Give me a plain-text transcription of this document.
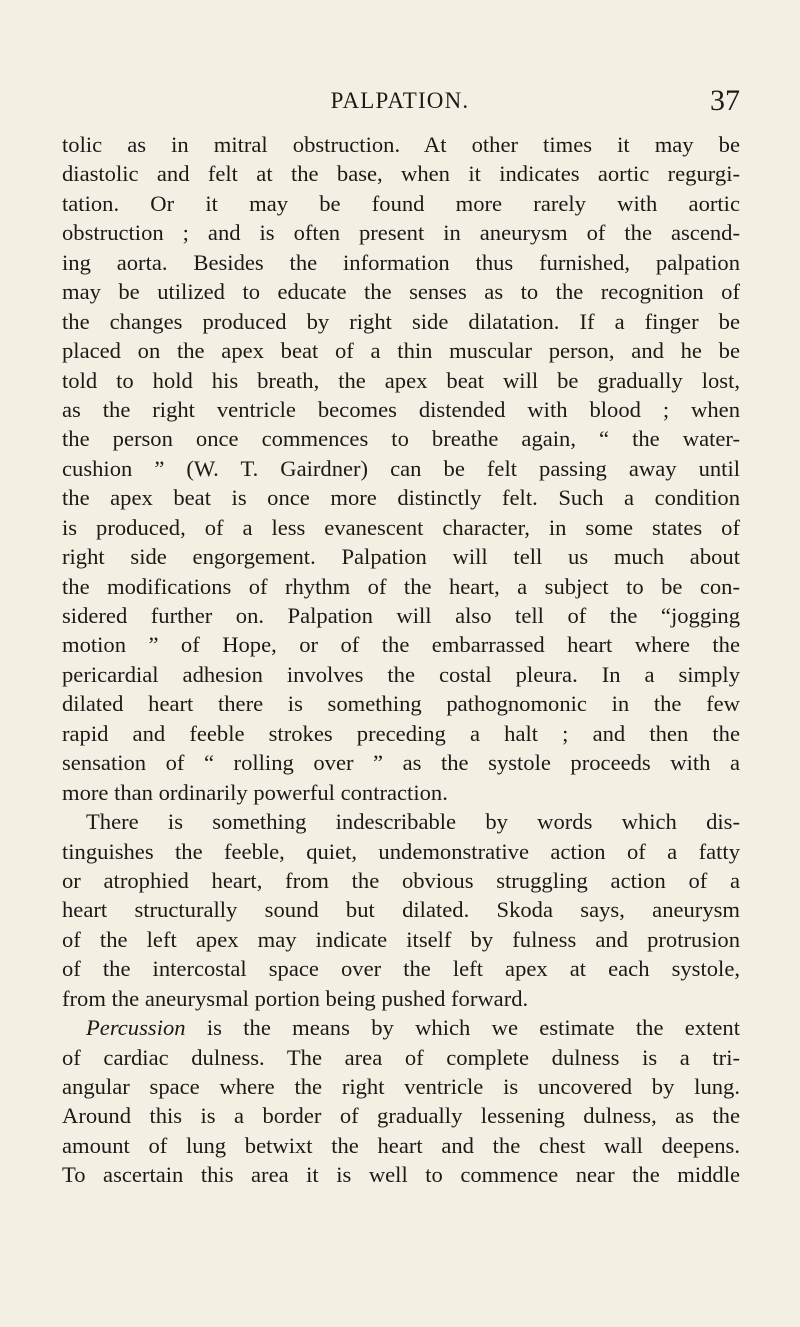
PALPATION.	37
tolic as in mitral obstruction. At other times it may be
diastolic and felt at the base, when it indicates aortic regurgi-
tation. Or it may be found more rarely with aortic
obstruction ; and is often present in aneurysm of the ascend-
ing aorta. Besides the information thus furnished, palpation
may be utilized to educate the senses as to the recognition of
the changes produced by right side dilatation. If a finger be
placed on the apex beat of a thin muscular person, and he be
told to hold his breath, the apex beat will be gradually lost,
as the right ventricle becomes distended with blood ; when
the person once commences to breathe again, “ the water-
cushion ” (W. T. Gairdner) can be felt passing away until
the apex beat is once more distinctly felt. Such a condition
is produced, of a less evanescent character, in some states of
right side engorgement. Palpation will tell us much about
the modifications of rhythm of the heart, a subject to be con-
sidered further on. Palpation will also tell of the “jogging
motion ” of Hope, or of the embarrassed heart where the
pericardial adhesion involves the costal pleura. In a simply
dilated heart there is something pathognomonic in the few
rapid and feeble strokes preceding a halt ; and then the
sensation of “ rolling over ” as the systole proceeds with a
more than ordinarily powerful contraction.
There is something indescribable by words which dis-
tinguishes the feeble, quiet, undemonstrative action of a fatty
or atrophied heart, from the obvious struggling action of a
heart structurally sound but dilated. Skoda says, aneurysm
of the left apex may indicate itself by fulness and protrusion
of the intercostal space over the left apex at each systole,
from the aneurysmal portion being pushed forward.
Percussion is the means by which we estimate the extent
of cardiac dulness. The area of complete dulness is a tri-
angular space where the right ventricle is uncovered by lung.
Around this is a border of gradually lessening dulness, as the
amount of lung betwixt the heart and the chest wall deepens.
To ascertain this area it is well to commence near the middle
